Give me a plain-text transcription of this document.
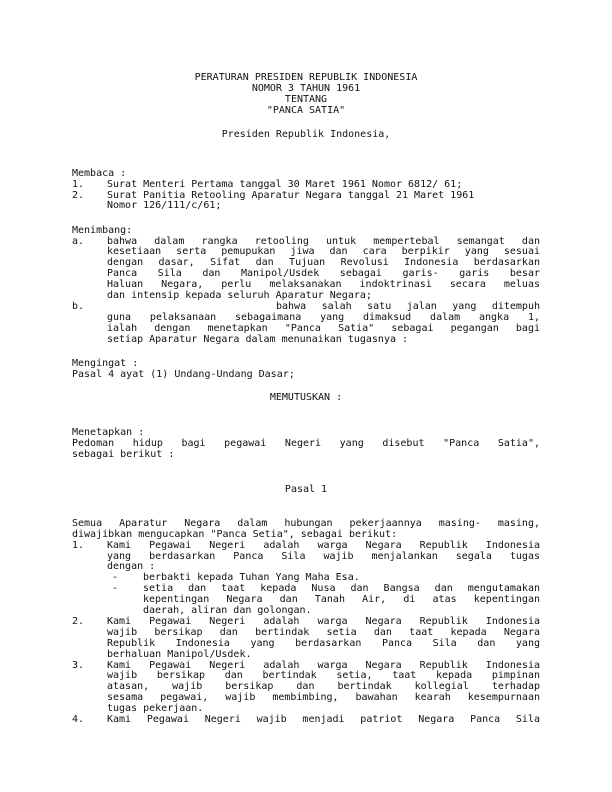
PERATURAN PRESIDEN REPUBLIK INDONESIA
NOMOR 3 TAHUN 1961
TENTANG
"PANCA SATIA"
Presiden Republik Indonesia,
Membaca :
1. Surat Menteri Pertama tanggal 30 Maret 1961 Nomor 6812/ 61;
2. Surat Panitia Retooling Aparatur Negara tanggal 21 Maret 1961
Nomor 126/111/c/61;
Menimbang:
a. bahwa dalam rangka retooling untuk mempertebal semangat dan
kesetiaan serta pemupukan jiwa dan cara berpikir yang sesuai
dengan dasar, Sifat dan Tujuan Revolusi Indonesia berdasarkan
Panca Sila dan Manipol/Usdek sebagai garis- garis besar
Haluan Negara, perlu melaksanakan indoktrinasi secara meluas
dan intensip kepada seluruh Aparatur Negara;
b.	bahwa salah satu jalan yang ditempuh
guna pelaksanaan sebagaimana yang dimaksud dalam angka 1,
ialah dengan menetapkan "Panca Satia" sebagai pegangan bagi
setiap Aparatur Negara dalam menunaikan tugasnya :
Mengingat :
Pasal 4 ayat (1) Undang-Undang Dasar;
MEMUTUSKAN :
Menetapkan :
Pedoman hidup bagi pegawai Negeri yang disebut "Panca Satia",
sebagai berikut :
Pasal 1
Semua Aparatur Negara dalam hubungan pekerjaannya masing- masing,
diwajibkan mengucapkan "Panca Setia", sebagai berikut:
1. Kami Pegawai Negeri adalah warga Negara Republik Indonesia
yang berdasarkan Panca Sila wajib menjalankan segala tugas
dengan :
- berbakti kepada Tuhan Yang Maha Esa.
- setia dan taat kepada Nusa dan Bangsa dan mengutamakan
kepentingan Negara dan Tanah Air, di atas kepentingan
daerah, aliran dan golongan.
2. Kami Pegawai Negeri adalah warga Negara Republik Indonesia
wajib bersikap dan bertindak setia dan taat kepada Negara
Republik Indonesia yang berdasarkan Panca Sila dan yang
berhaluan Manipol/Usdek.
3. Kami Pegawai Negeri adalah warga Negara Republik Indonesia
wajib bersikap dan bertindak setia, taat kepada pimpinan
atasan, wajib bersikap dan bertindak kollegial terhadap
sesama pegawai, wajib membimbing, bawahan kearah kesempurnaan
tugas pekerjaan.
4. Kami Pegawai Negeri wajib menjadi patriot Negara Panca Sila
